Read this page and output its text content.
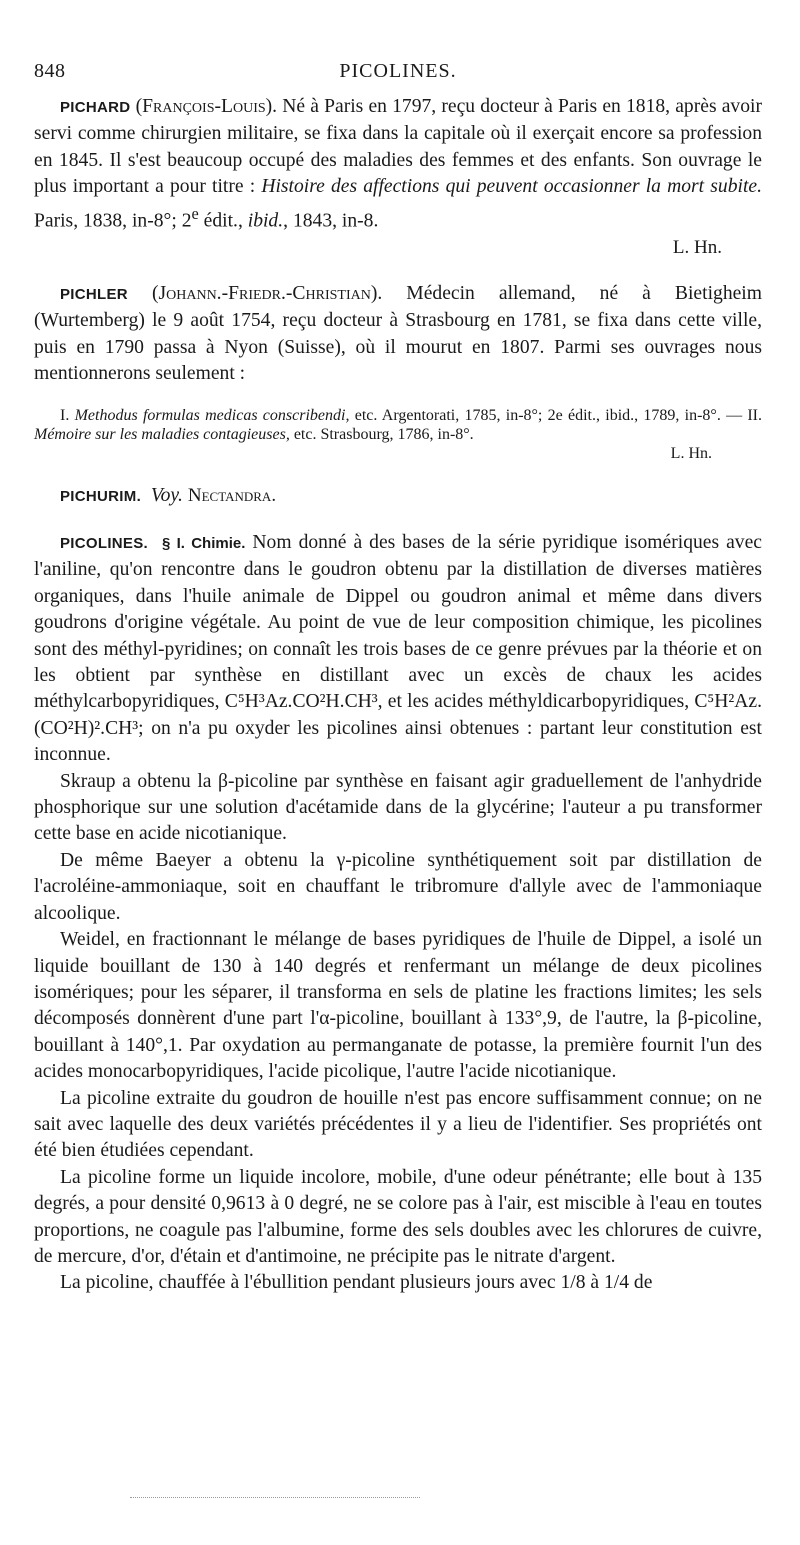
848	PICOLINES.

PICHARD (François-Louis). Né à Paris en 1797, reçu docteur à Paris en 1818, après avoir servi comme chirurgien militaire, se fixa dans la capitale où il exerçait encore sa profession en 1845. Il s'est beaucoup occupé des maladies des femmes et des enfants. Son ouvrage le plus important a pour titre : Histoire des affections qui peuvent occasionner la mort subite. Paris, 1838, in-8°; 2e édit., ibid., 1843, in-8.
L. Hn.

PICHLER (Johann.-Friedr.-Christian). Médecin allemand, né à Bietigheim (Wurtemberg) le 9 août 1754, reçu docteur à Strasbourg en 1781, se fixa dans cette ville, puis en 1790 passa à Nyon (Suisse), où il mourut en 1807. Parmi ses ouvrages nous mentionnerons seulement :

I. Methodus formulas medicas conscribendi, etc. Argentorati, 1785, in-8°; 2e édit., ibid., 1789, in-8°. — II. Mémoire sur les maladies contagieuses, etc. Strasbourg, 1786, in-8°.
L. Hn.

PICHURIM. Voy. Nectandra.

PICOLINES. § I. Chimie. Nom donné à des bases de la série pyridique isomériques avec l'aniline, qu'on rencontre dans le goudron obtenu par la distillation de diverses matières organiques, dans l'huile animale de Dippel ou goudron animal et même dans divers goudrons d'origine végétale. Au point de vue de leur composition chimique, les picolines sont des méthyl-pyridines; on connaît les trois bases de ce genre prévues par la théorie et on les obtient par synthèse en distillant avec un excès de chaux les acides méthylcarbopyridiques, C⁵H³Az.CO²H.CH³, et les acides méthyldicarbopyridiques, C⁵H²Az.(CO²H)².CH³; on n'a pu oxyder les picolines ainsi obtenues : partant leur constitution est inconnue.

Skraup a obtenu la β-picoline par synthèse en faisant agir graduellement de l'anhydride phosphorique sur une solution d'acétamide dans de la glycérine; l'auteur a pu transformer cette base en acide nicotianique.

De même Baeyer a obtenu la γ-picoline synthétiquement soit par distillation de l'acroléine-ammoniaque, soit en chauffant le tribromure d'allyle avec de l'ammoniaque alcoolique.

Weidel, en fractionnant le mélange de bases pyridiques de l'huile de Dippel, a isolé un liquide bouillant de 130 à 140 degrés et renfermant un mélange de deux picolines isomériques; pour les séparer, il transforma en sels de platine les fractions limites; les sels décomposés donnèrent d'une part l'α-picoline, bouillant à 133°,9, de l'autre, la β-picoline, bouillant à 140°,1. Par oxydation au permanganate de potasse, la première fournit l'un des acides monocarbopyridiques, l'acide picolique, l'autre l'acide nicotianique.

La picoline extraite du goudron de houille n'est pas encore suffisamment connue; on ne sait avec laquelle des deux variétés précédentes il y a lieu de l'identifier. Ses propriétés ont été bien étudiées cependant.

La picoline forme un liquide incolore, mobile, d'une odeur pénétrante; elle bout à 135 degrés, a pour densité 0,9613 à 0 degré, ne se colore pas à l'air, est miscible à l'eau en toutes proportions, ne coagule pas l'albumine, forme des sels doubles avec les chlorures de cuivre, de mercure, d'or, d'étain et d'antimoine, ne précipite pas le nitrate d'argent.

La picoline, chauffée à l'ébullition pendant plusieurs jours avec 1/8 à 1/4 de
